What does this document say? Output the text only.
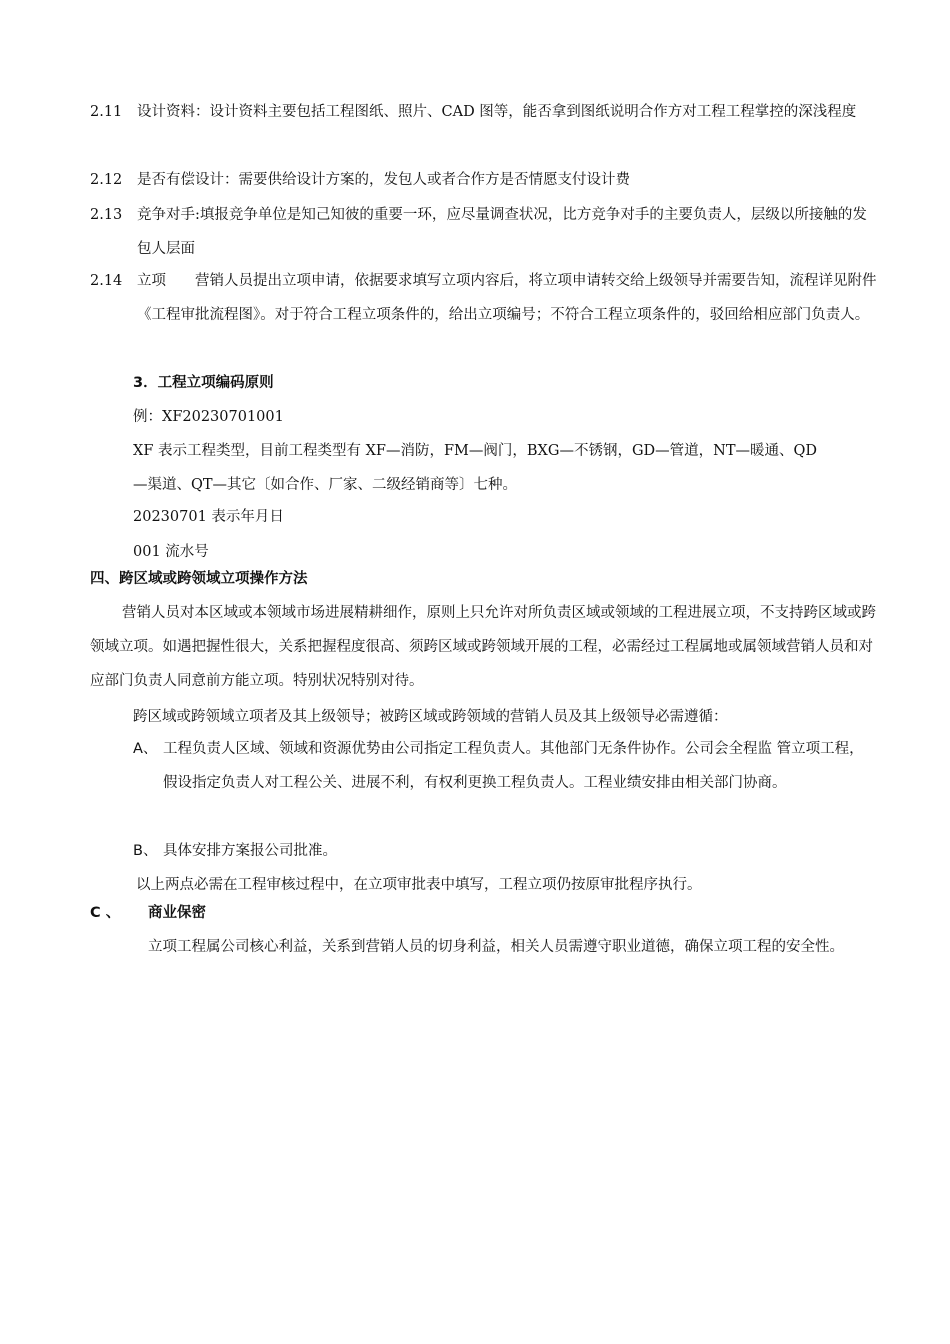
2.11 设计资料：设计资料主要包括工程图纸、照片、CAD 图等，能否拿到图纸说明合作方对工程工程掌控的深浅程度
2.12 是否有偿设计：需要供给设计方案的，发包人或者合作方是否情愿支付设计费
2.13 竞争对手:填报竞争单位是知己知彼的重要一环，应尽量调查状况，比方竞争对手的主要负责人，层级以所接触的发包人层面
2.14 立项　　营销人员提出立项申请，依据要求填写立项内容后，将立项申请转交给上级领导并需要告知，流程详见附件《工程审批流程图》。对于符合工程立项条件的，给出立项编号；不符合工程立项条件的，驳回给相应部门负责人。
3．工程立项编码原则
例：XF20230701001
XF 表示工程类型，目前工程类型有 XF—消防，FM—阀门，BXG—不锈钢，GD—管道，NT—暖通、QD
—渠道、QT—其它〔如合作、厂家、二级经销商等〕七种。
20230701 表示年月日
001 流水号
四、跨区域或跨领域立项操作方法
营销人员对本区域或本领域市场进展精耕细作，原则上只允许对所负责区域或领域的工程进展立项，不支持跨区域或跨领域立项。如遇把握性很大，关系把握程度很高、须跨区域或跨领域开展的工程，必需经过工程属地或属领域营销人员和对应部门负责人同意前方能立项。特别状况特别对待。
跨区域或跨领域立项者及其上级领导；被跨区域或跨领域的营销人员及其上级领导必需遵循：
A、 工程负责人区域、领域和资源优势由公司指定工程负责人。其他部门无条件协作。公司会全程监 管立项工程，假设指定负责人对工程公关、进展不利，有权利更换工程负责人。工程业绩安排由相关部门协商。
B、 具体安排方案报公司批准。
以上两点必需在工程审核过程中，在立项审批表中填写，工程立项仍按原审批程序执行。
C 、 商业保密
立项工程属公司核心利益，关系到营销人员的切身利益，相关人员需遵守职业道德，确保立项工程的安全性。
